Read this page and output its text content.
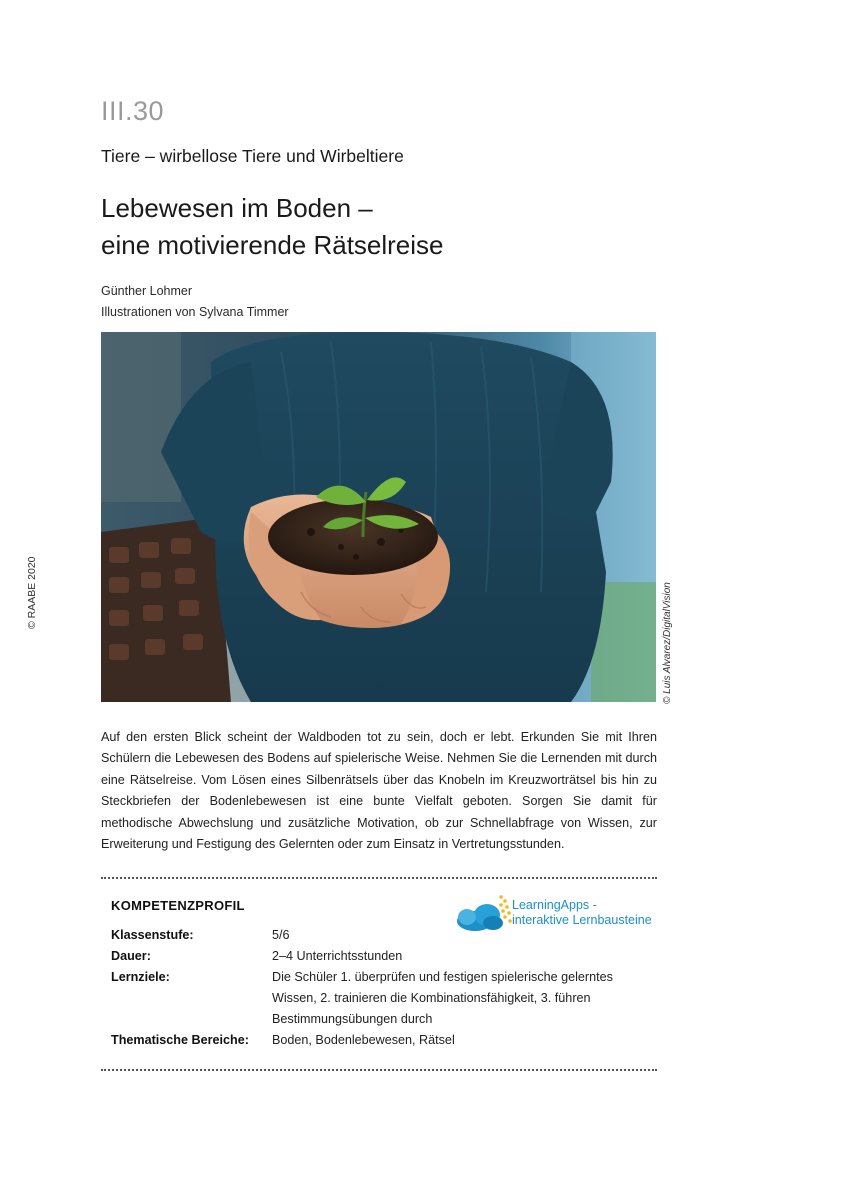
III.30
Tiere – wirbellose Tiere und Wirbeltiere
Lebewesen im Boden –
eine motivierende Rätselreise
Günther Lohmer
Illustrationen von Sylvana Timmer
© RAABE 2020	© Luis Alvarez/DigitalVision
Auf den ersten Blick scheint der Waldboden tot zu sein, doch er lebt. Erkunden Sie mit Ihren Schülern die Lebewesen des Bodens auf spielerische Weise. Nehmen Sie die Lernenden mit durch eine Rätselreise. Vom Lösen eines Silbenrätsels über das Knobeln im Kreuzworträtsel bis hin zu Steckbriefen der Bodenlebewesen ist eine bunte Vielfalt geboten. Sorgen Sie damit für methodische Abwechslung und zusätzliche Motivation, ob zur Schnellabfrage von Wissen, zur Erweiterung und Festigung des Gelernten oder zum Einsatz in Vertretungsstunden.
KOMPETENZPROFIL	LearningApps -
interaktive Lernbausteine
Klassenstufe:	5/6
Dauer:	2–4 Unterrichtsstunden
Lernziele:	Die Schüler 1. überprüfen und festigen spielerische gelerntes Wissen, 2. trainieren die Kombinationsfähigkeit, 3. führen Bestimmungsübungen durch
Thematische Bereiche: Boden, Bodenlebewesen, Rätsel
